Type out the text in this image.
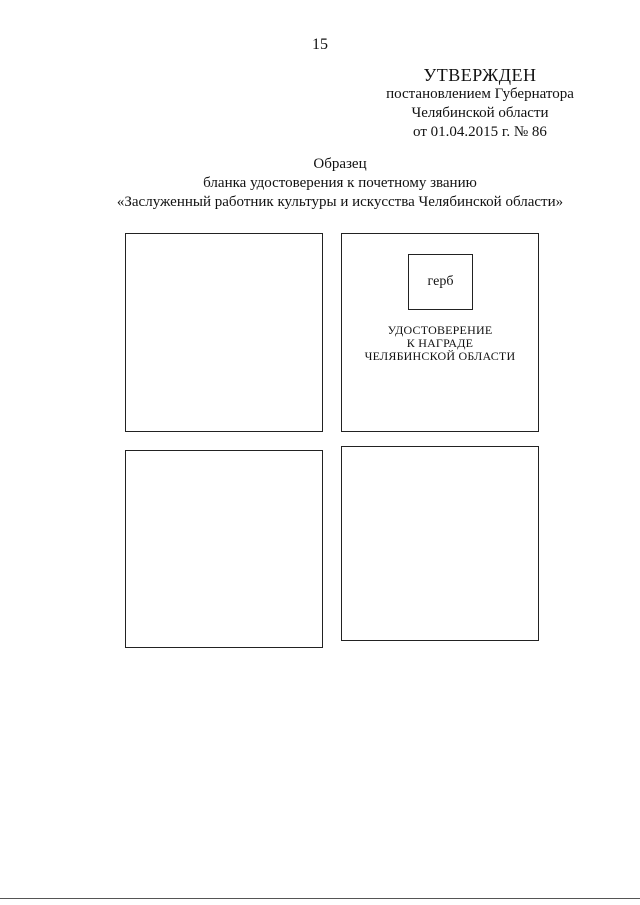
15
УТВЕРЖДЕН
постановлением Губернатора
Челябинской области
от 01.04.2015 г. № 86
Образец
бланка удостоверения к почетному званию
«Заслуженный работник культуры и искусства Челябинской области»
герб
УДОСТОВЕРЕНИЕ
К НАГРАДЕ
ЧЕЛЯБИНСКОЙ ОБЛАСТИ
